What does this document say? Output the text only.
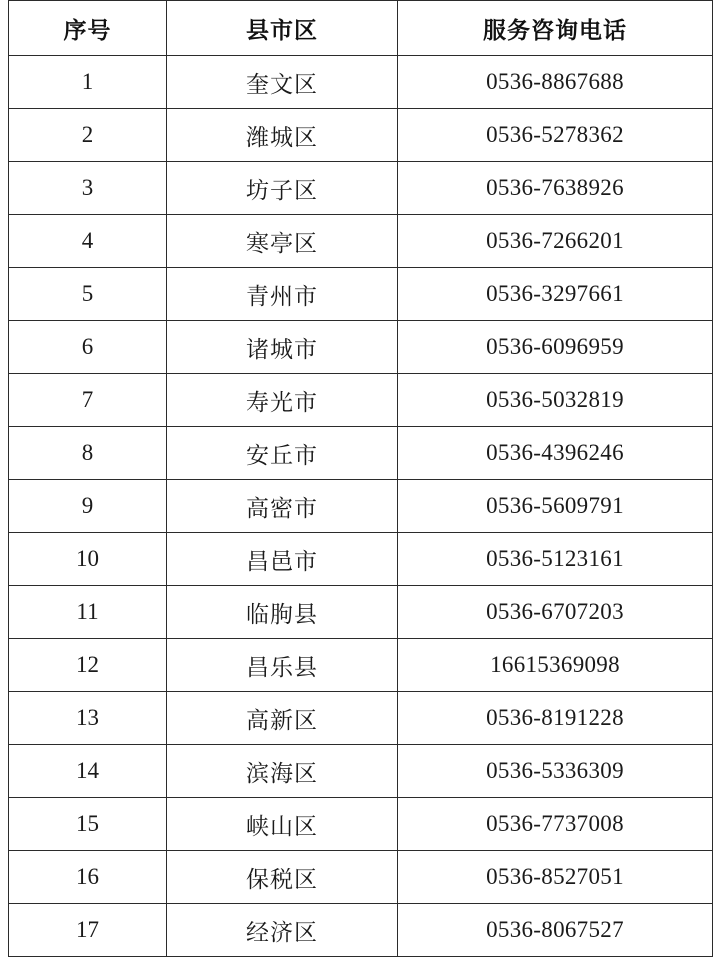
序号	县市区	服务咨询电话
1	奎文区	0536-8867688
2	潍城区	0536-5278362
3	坊子区	0536-7638926
4	寒亭区	0536-7266201
5	青州市	0536-3297661
6	诸城市	0536-6096959
7	寿光市	0536-5032819
8	安丘市	0536-4396246
9	高密市	0536-5609791
10	昌邑市	0536-5123161
11	临朐县	0536-6707203
12	昌乐县	16615369098
13	高新区	0536-8191228
14	滨海区	0536-5336309
15	峡山区	0536-7737008
16	保税区	0536-8527051
17	经济区	0536-8067527
